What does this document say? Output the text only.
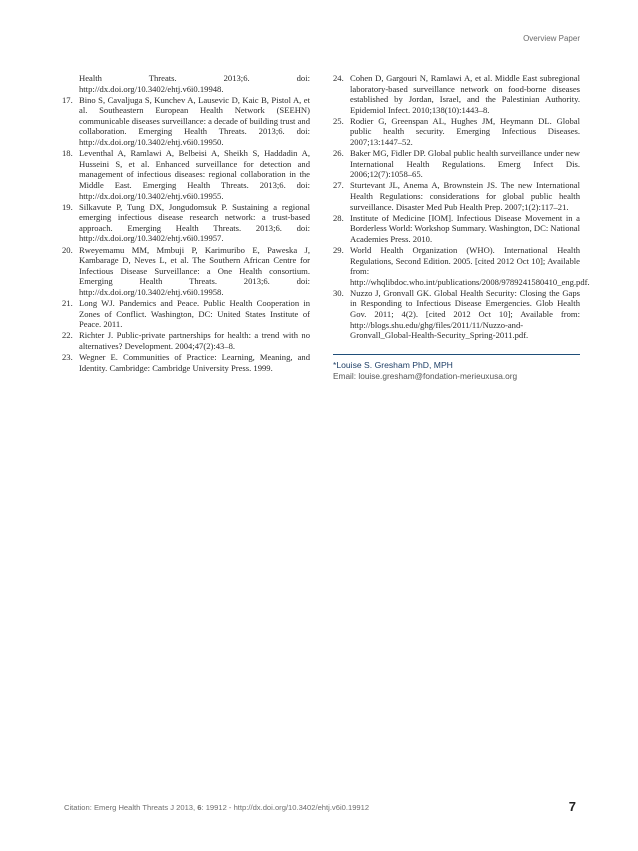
Overview Paper
Health Threats. 2013;6. doi: http://dx.doi.org/10.3402/ehtj.v6i0.19948.
17. Bino S, Cavaljuga S, Kunchev A, Lausevic D, Kaic B, Pistol A, et al. Southeastern European Health Network (SEEHN) communicable diseases surveillance: a decade of building trust and collaboration. Emerging Health Threats. 2013;6. doi: http://dx.doi.org/10.3402/ehtj.v6i0.19950.
18. Leventhal A, Ramlawi A, Belbeisi A, Sheikh S, Haddadin A, Husseini S, et al. Enhanced surveillance for detection and management of infectious diseases: regional collaboration in the Middle East. Emerging Health Threats. 2013;6. doi: http://dx.doi.org/10.3402/ehtj.v6i0.19955.
19. Silkavute P, Tung DX, Jongudomsuk P. Sustaining a regional emerging infectious disease research network: a trust-based approach. Emerging Health Threats. 2013;6. doi: http://dx.doi.org/10.3402/ehtj.v6i0.19957.
20. Rweyemamu MM, Mmbuji P, Karimuribo E, Paweska J, Kambarage D, Neves L, et al. The Southern African Centre for Infectious Disease Surveillance: a One Health consortium. Emerging Health Threats. 2013;6. doi: http://dx.doi.org/10.3402/ehtj.v6i0.19958.
21. Long WJ. Pandemics and Peace. Public Health Cooperation in Zones of Conflict. Washington, DC: United States Institute of Peace. 2011.
22. Richter J. Public-private partnerships for health: a trend with no alternatives? Development. 2004;47(2):43–8.
23. Wegner E. Communities of Practice: Learning, Meaning, and Identity. Cambridge: Cambridge University Press. 1999.
24. Cohen D, Gargouri N, Ramlawi A, et al. Middle East subregional laboratory-based surveillance network on food-borne diseases established by Jordan, Israel, and the Palestinian Authority. Epidemiol Infect. 2010;138(10):1443–8.
25. Rodier G, Greenspan AL, Hughes JM, Heymann DL. Global public health security. Emerging Infectious Diseases. 2007;13:1447–52.
26. Baker MG, Fidler DP. Global public health surveillance under new International Health Regulations. Emerg Infect Dis. 2006;12(7):1058–65.
27. Sturtevant JL, Anema A, Brownstein JS. The new International Health Regulations: considerations for global public health surveillance. Disaster Med Pub Health Prep. 2007;1(2):117–21.
28. Institute of Medicine [IOM]. Infectious Disease Movement in a Borderless World: Workshop Summary. Washington, DC: National Academies Press. 2010.
29. World Health Organization (WHO). International Health Regulations, Second Edition. 2005. [cited 2012 Oct 10]; Available from: http://whqlibdoc.who.int/publications/2008/9789241580410_eng.pdf.
30. Nuzzo J, Gronvall GK. Global Health Security: Closing the Gaps in Responding to Infectious Disease Emergencies. Glob Health Gov. 2011; 4(2). [cited 2012 Oct 10]; Available from: http://blogs.shu.edu/ghg/files/2011/11/Nuzzo-and-Gronvall_Global-Health-Security_Spring-2011.pdf.
*Louise S. Gresham PhD, MPH
Email: louise.gresham@fondation-merieuxusa.org
Citation: Emerg Health Threats J 2013, 6: 19912 - http://dx.doi.org/10.3402/ehtj.v6i0.19912	7
